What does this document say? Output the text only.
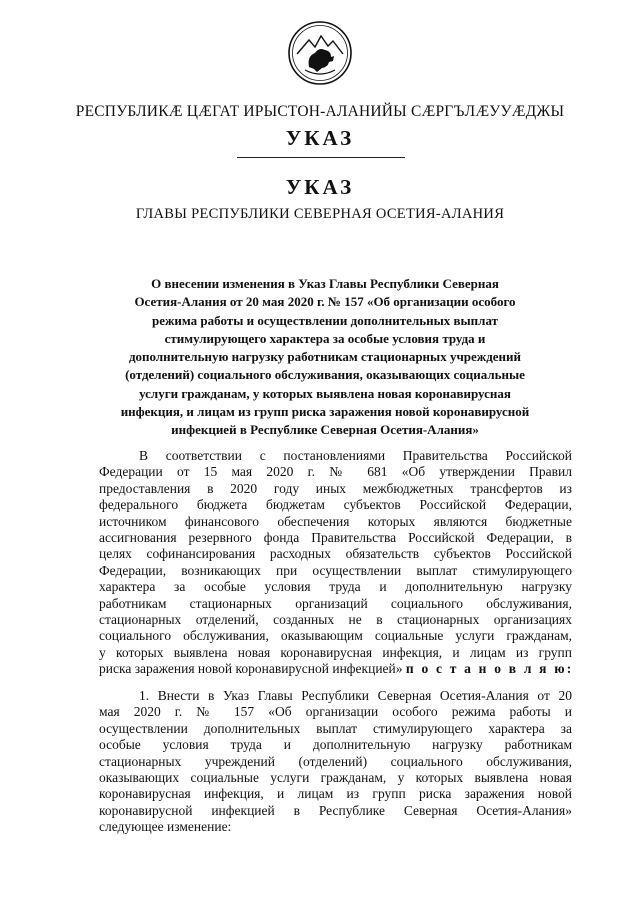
РЕСПУБЛИКӔ ЦӔГАТ ИРЫСТОН-АЛАНИЙЫ СӔРГЪЛӔУУӔДЖЫ
УКАЗ
УКАЗ
ГЛАВЫ РЕСПУБЛИКИ СЕВЕРНАЯ ОСЕТИЯ-АЛАНИЯ
О внесении изменения в Указ Главы Республики Северная
Осетия-Алания от 20 мая 2020 г. № 157 «Об организации особого
режима работы и осуществлении дополнительных выплат
стимулирующего характера за особые условия труда и
дополнительную нагрузку работникам стационарных учреждений
(отделений) социального обслуживания, оказывающих социальные
услуги гражданам, у которых выявлена новая коронавирусная
инфекция, и лицам из групп риска заражения новой коронавирусной
инфекцией в Республике Северная Осетия-Алания»
В соответствии с постановлениями Правительства Российской
Федерации от 15 мая 2020 г. № 681 «Об утверждении Правил
предоставления в 2020 году иных межбюджетных трансфертов из
федерального бюджета бюджетам субъектов Российской Федерации,
источником финансового обеспечения которых являются бюджетные
ассигнования резервного фонда Правительства Российской Федерации, в
целях софинансирования расходных обязательств субъектов Российской
Федерации, возникающих при осуществлении выплат стимулирующего
характера за особые условия труда и дополнительную нагрузку
работникам стационарных организаций социального обслуживания,
стационарных отделений, созданных не в стационарных организациях
социального обслуживания, оказывающим социальные услуги гражданам,
у которых выявлена новая коронавирусная инфекция, и лицам из групп
риска заражения новой коронавирусной инфекцией» п о с т а н о в л я ю:
1. Внести в Указ Главы Республики Северная Осетия-Алания от 20
мая 2020 г. № 157 «Об организации особого режима работы и
осуществлении дополнительных выплат стимулирующего характера за
особые условия труда и дополнительную нагрузку работникам
стационарных учреждений (отделений) социального обслуживания,
оказывающих социальные услуги гражданам, у которых выявлена новая
коронавирусная инфекция, и лицам из групп риска заражения новой
коронавирусной инфекцией в Республике Северная Осетия-Алания»
следующее изменение:
